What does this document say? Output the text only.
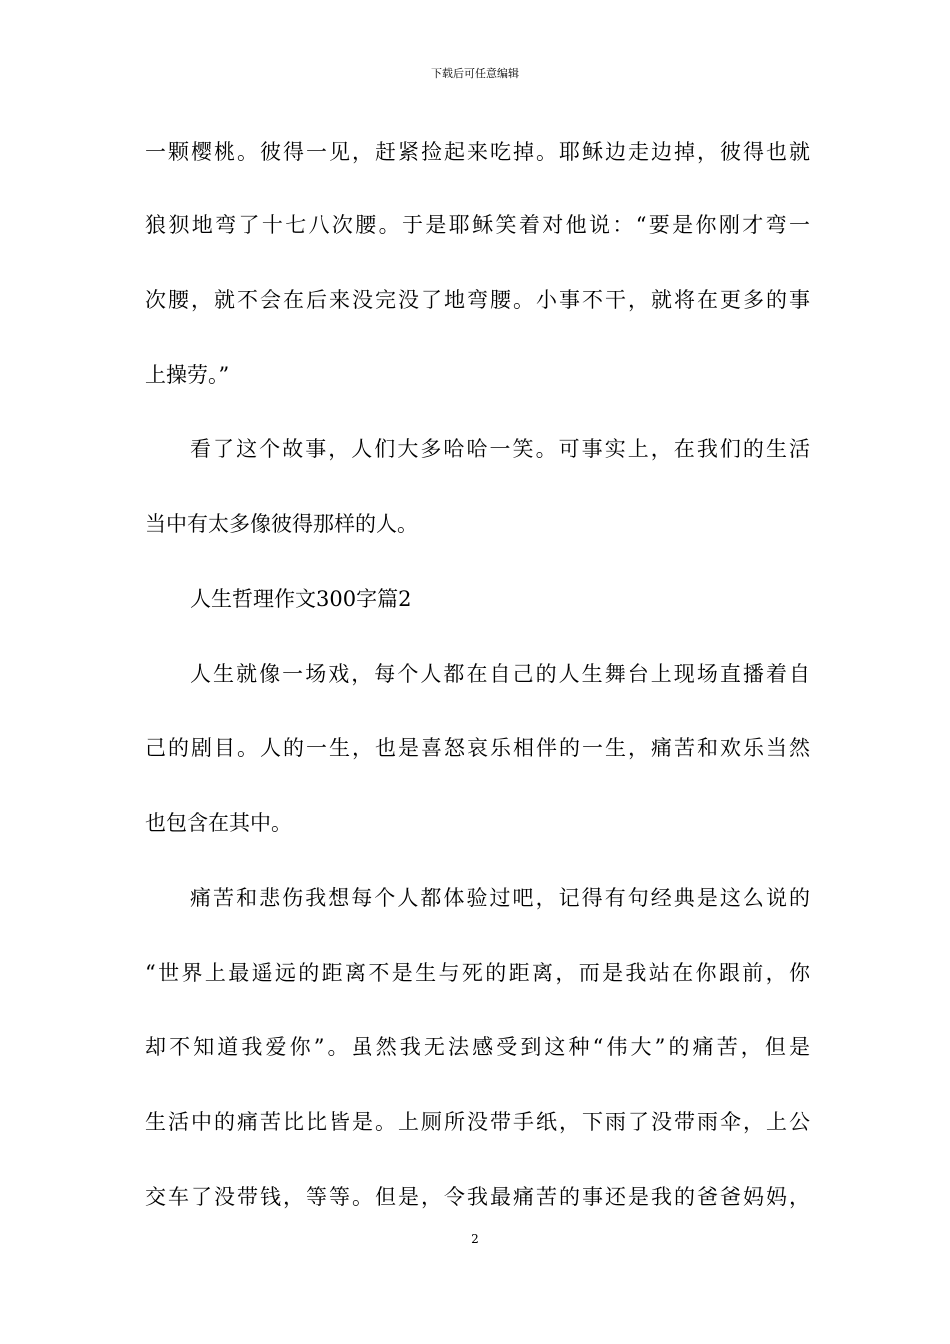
下载后可任意编辑
一颗樱桃。彼得一见，赶紧捡起来吃掉。耶稣边走边掉，彼得也就
狼狈地弯了十七八次腰。于是耶稣笑着对他说：“要是你刚才弯一
次腰，就不会在后来没完没了地弯腰。小事不干，就将在更多的事
上操劳。”
看了这个故事，人们大多哈哈一笑。可事实上，在我们的生活
当中有太多像彼得那样的人。
人生哲理作文300字篇2
人生就像一场戏，每个人都在自己的人生舞台上现场直播着自
己的剧目。人的一生，也是喜怒哀乐相伴的一生，痛苦和欢乐当然
也包含在其中。
痛苦和悲伤我想每个人都体验过吧，记得有句经典是这么说的
“世界上最遥远的距离不是生与死的距离，而是我站在你跟前，你
却不知道我爱你”。虽然我无法感受到这种“伟大”的痛苦，但是
生活中的痛苦比比皆是。上厕所没带手纸，下雨了没带雨伞，上公
交车了没带钱，等等。但是，令我最痛苦的事还是我的爸爸妈妈，
2
